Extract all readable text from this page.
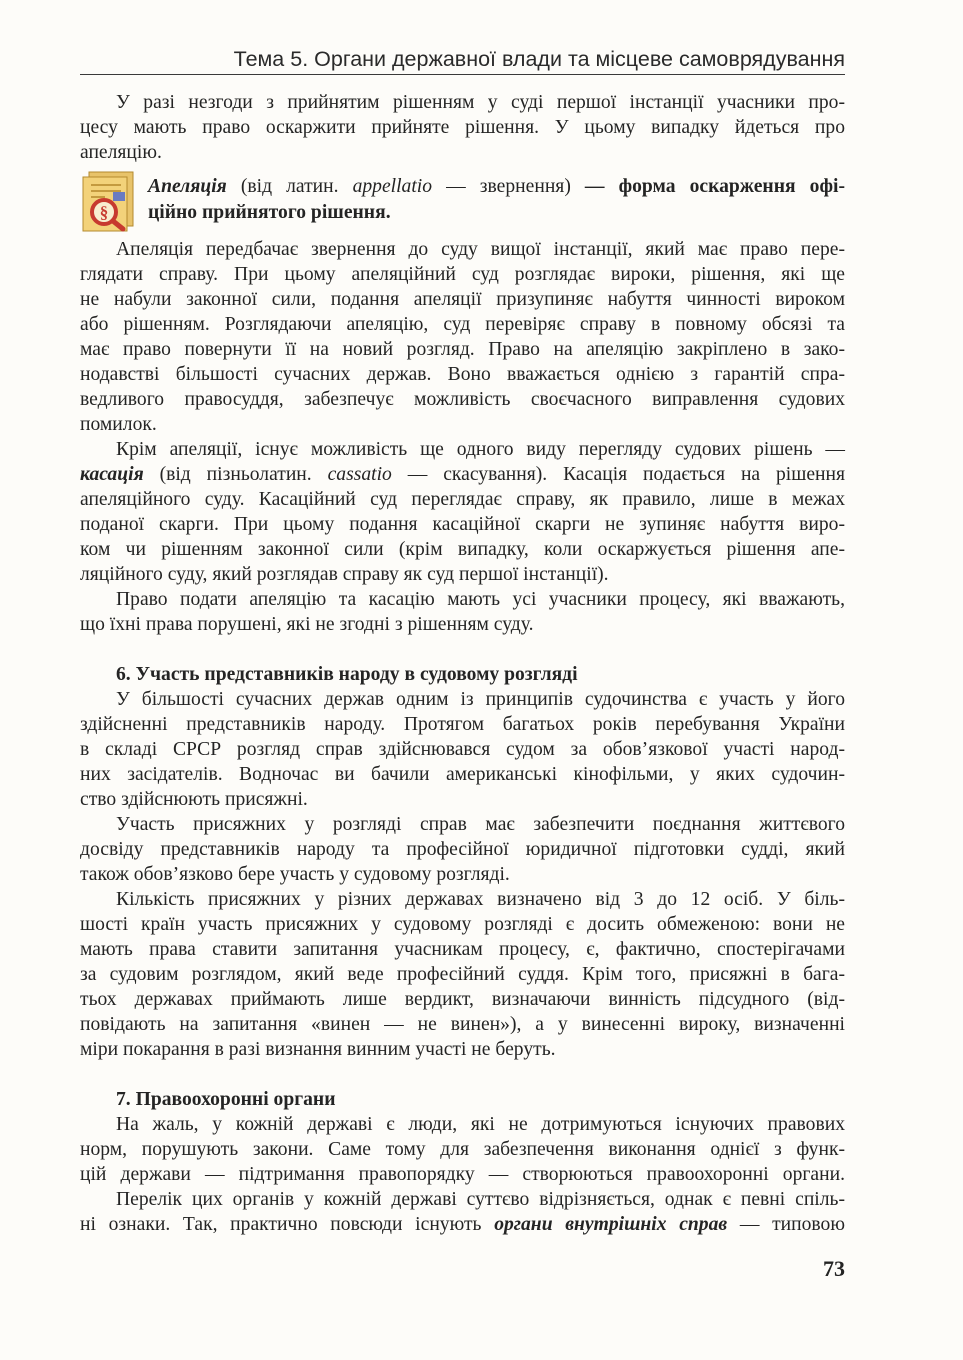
Тема 5. Органи державної влади та місцеве самоврядування
У разі незгоди з прийнятим рішенням у суді першої інстанції учасники про-
цесу мають право оскаржити прийняте рішення. У цьому випадку йдеться про
апеляцію.
§
Апеляція (від латин. appellatio — звернення) — форма оскарження офі-
ційно прийнятого рішення.
Апеляція передбачає звернення до суду вищої інстанції, який має право пере-
глядати справу. При цьому апеляційний суд розглядає вироки, рішення, які ще
не набули законної сили, подання апеляції призупиняє набуття чинності вироком
або рішенням. Розглядаючи апеляцію, суд перевіряє справу в повному обсязі та
має право повернути її на новий розгляд. Право на апеляцію закріплено в зако-
нодавстві більшості сучасних держав. Воно вважається однією з гарантій спра-
ведливого правосуддя, забезпечує можливість своєчасного виправлення судових
помилок.
Крім апеляції, існує можливість ще одного виду перегляду судових рішень —
касація (від пізньолатин. cassatio — скасування). Касація подається на рішення
апеляційного суду. Касаційний суд переглядає справу, як правило, лише в межах
поданої скарги. При цьому подання касаційної скарги не зупиняє набуття виро-
ком чи рішенням законної сили (крім випадку, коли оскаржується рішення апе-
ляційного суду, який розглядав справу як суд першої інстанції).
Право подати апеляцію та касацію мають усі учасники процесу, які вважають,
що їхні права порушені, які не згодні з рішенням суду.
6. Участь представників народу в судовому розгляді
У більшості сучасних держав одним із принципів судочинства є участь у його
здійсненні представників народу. Протягом багатьох років перебування України
в складі СРСР розгляд справ здійснювався судом за обов’язкової участі народ-
них засідателів. Водночас ви бачили американські кінофільми, у яких судочин-
ство здійснюють присяжні.
Участь присяжних у розгляді справ має забезпечити поєднання життєвого
досвіду представників народу та професійної юридичної підготовки судді, який
також обов’язково бере участь у судовому розгляді.
Кількість присяжних у різних державах визначено від 3 до 12 осіб. У біль-
шості країн участь присяжних у судовому розгляді є досить обмеженою: вони не
мають права ставити запитання учасникам процесу, є, фактично, спостерігачами
за судовим розглядом, який веде професійний суддя. Крім того, присяжні в бага-
тьох державах приймають лише вердикт, визначаючи винність підсудного (від-
повідають на запитання «винен — не винен»), а у винесенні вироку, визначенні
міри покарання в разі визнання винним участі не беруть.
7. Правоохоронні органи
На жаль, у кожній державі є люди, які не дотримуються існуючих правових
норм, порушують закони. Саме тому для забезпечення виконання однієї з функ-
цій держави — підтримання правопорядку — створюються правоохоронні органи.
Перелік цих органів у кожній державі суттєво відрізняється, однак є певні спіль-
ні ознаки. Так, практично повсюди існують органи внутрішніх справ — типовою
73
